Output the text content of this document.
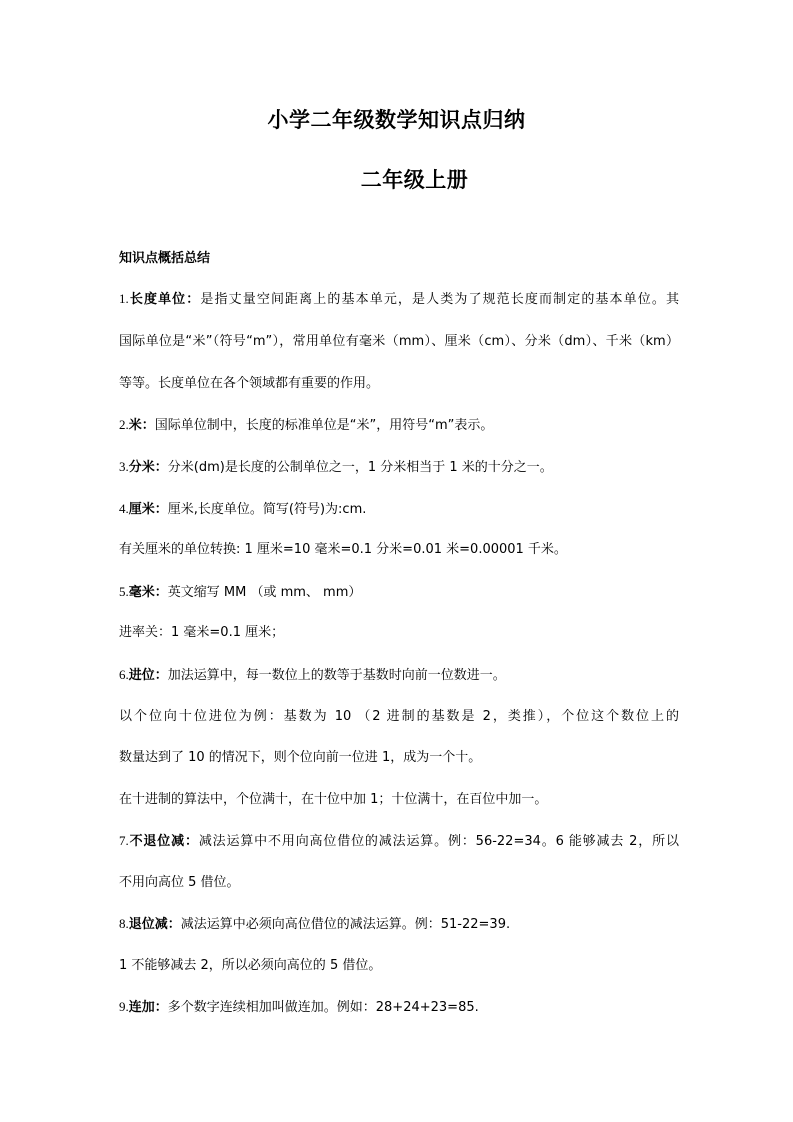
小学二年级数学知识点归纳
二年级上册
知识点概括总结
1.长度单位：是指丈量空间距离上的基本单元，是人类为了规范长度而制定的基本单位。其
国际单位是“米”（符号“m”），常用单位有毫米（mm）、厘米（cm）、分米（dm）、千米（km）
等等。长度单位在各个领域都有重要的作用。
2.米：国际单位制中，长度的标准单位是“米”，用符号“m”表示。
3.分米：分米(dm)是长度的公制单位之一，1 分米相当于 1 米的十分之一。
4.厘米：厘米,长度单位。简写(符号)为:cm.
有关厘米的单位转换: 1 厘米=10 毫米=0.1 分米=0.01 米=0.00001 千米。
5.毫米：英文缩写 MM （或 mm、 mm）
进率关：1 毫米=0.1 厘米；
6.进位：加法运算中，每一数位上的数等于基数时向前一位数进一。
以个位向十位进位为例：基数为 10 （2 进制的基数是 2，类推），个位这个数位上的
数量达到了 10 的情况下，则个位向前一位进 1，成为一个十。
在十进制的算法中，个位满十，在十位中加 1；十位满十，在百位中加一。
7.不退位减：减法运算中不用向高位借位的减法运算。例：56-22=34。6 能够减去 2，所以
不用向高位 5 借位。
8.退位减：减法运算中必须向高位借位的减法运算。例：51-22=39.
1 不能够减去 2，所以必须向高位的 5 借位。
9.连加：多个数字连续相加叫做连加。例如：28+24+23=85.
